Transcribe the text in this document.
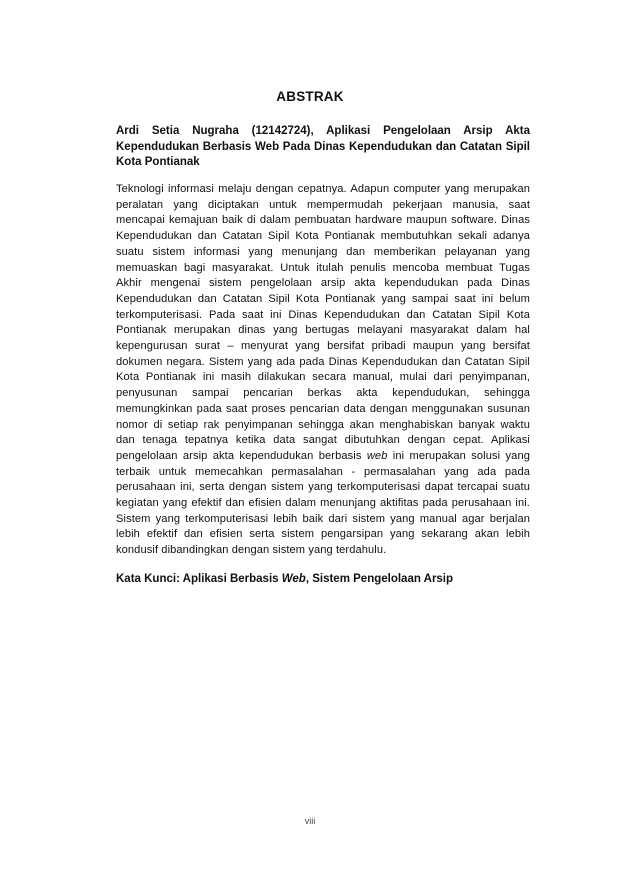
ABSTRAK
Ardi Setia Nugraha (12142724), Aplikasi Pengelolaan Arsip Akta Kependudukan Berbasis Web Pada Dinas Kependudukan dan Catatan Sipil Kota Pontianak
Teknologi informasi melaju dengan cepatnya. Adapun computer yang merupakan peralatan yang diciptakan untuk mempermudah pekerjaan manusia, saat mencapai kemajuan baik di dalam pembuatan hardware maupun software. Dinas Kependudukan dan Catatan Sipil Kota Pontianak membutuhkan sekali adanya suatu sistem informasi yang menunjang dan memberikan pelayanan yang memuaskan bagi masyarakat. Untuk itulah penulis mencoba membuat Tugas Akhir mengenai sistem pengelolaan arsip akta kependudukan pada Dinas Kependudukan dan Catatan Sipil Kota Pontianak yang sampai saat ini belum terkomputerisasi. Pada saat ini Dinas Kependudukan dan Catatan Sipil Kota Pontianak merupakan dinas yang bertugas melayani masyarakat dalam hal kepengurusan surat – menyurat yang bersifat pribadi maupun yang bersifat dokumen negara. Sistem yang ada pada Dinas Kependudukan dan Catatan Sipil Kota Pontianak ini masih dilakukan secara manual, mulai dari penyimpanan, penyusunan sampai pencarian berkas akta kependudukan, sehingga memungkinkan pada saat proses pencarian data dengan menggunakan susunan nomor di setiap rak penyimpanan sehingga akan menghabiskan banyak waktu dan tenaga tepatnya ketika data sangat dibutuhkan dengan cepat. Aplikasi pengelolaan arsip akta kependudukan berbasis web ini merupakan solusi yang terbaik untuk memecahkan permasalahan - permasalahan yang ada pada perusahaan ini, serta dengan sistem yang terkomputerisasi dapat tercapai suatu kegiatan yang efektif dan efisien dalam menunjang aktifitas pada perusahaan ini. Sistem yang terkomputerisasi lebih baik dari sistem yang manual agar berjalan lebih efektif dan efisien serta sistem pengarsipan yang sekarang akan lebih kondusif dibandingkan dengan sistem yang terdahulu.
Kata Kunci: Aplikasi Berbasis Web, Sistem Pengelolaan Arsip
viii
